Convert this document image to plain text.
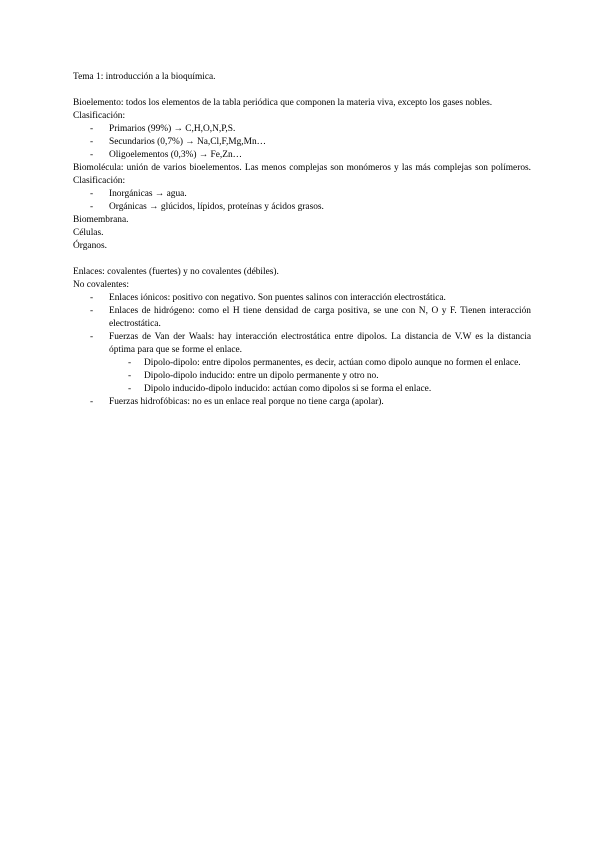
Tema 1: introducción a la bioquímica.

Bioelemento: todos los elementos de la tabla periódica que componen la materia viva, excepto los gases nobles.

Clasificación:

- Primarios (99%) → C,H,O,N,P,S.
- Secundarios (0,7%) → Na,Cl,F,Mg,Mn…
- Oligoelementos (0,3%) → Fe,Zn…

Biomolécula: unión de varios bioelementos. Las menos complejas son monómeros y las más complejas son polímeros. Clasificación:

- Inorgánicas → agua.
- Orgánicas → glúcidos, lípidos, proteínas y ácidos grasos.

Biomembrana.

Células.

Órganos.

Enlaces: covalentes (fuertes) y no covalentes (débiles).

No covalentes:

- Enlaces iónicos: positivo con negativo. Son puentes salinos con interacción electrostática.
- Enlaces de hidrógeno: como el H tiene densidad de carga positiva, se une con N, O y F. Tienen interacción electrostática.
- Fuerzas de Van der Waals: hay interacción electrostática entre dipolos. La distancia de V.W es la distancia óptima para que se forme el enlace.
- Dipolo-dipolo: entre dipolos permanentes, es decir, actúan como dipolo aunque no formen el enlace.
- Dipolo-dipolo inducido: entre un dipolo permanente y otro no.
- Dipolo inducido-dipolo inducido: actúan como dipolos si se forma el enlace.
- Fuerzas hidrofóbicas: no es un enlace real porque no tiene carga (apolar).
